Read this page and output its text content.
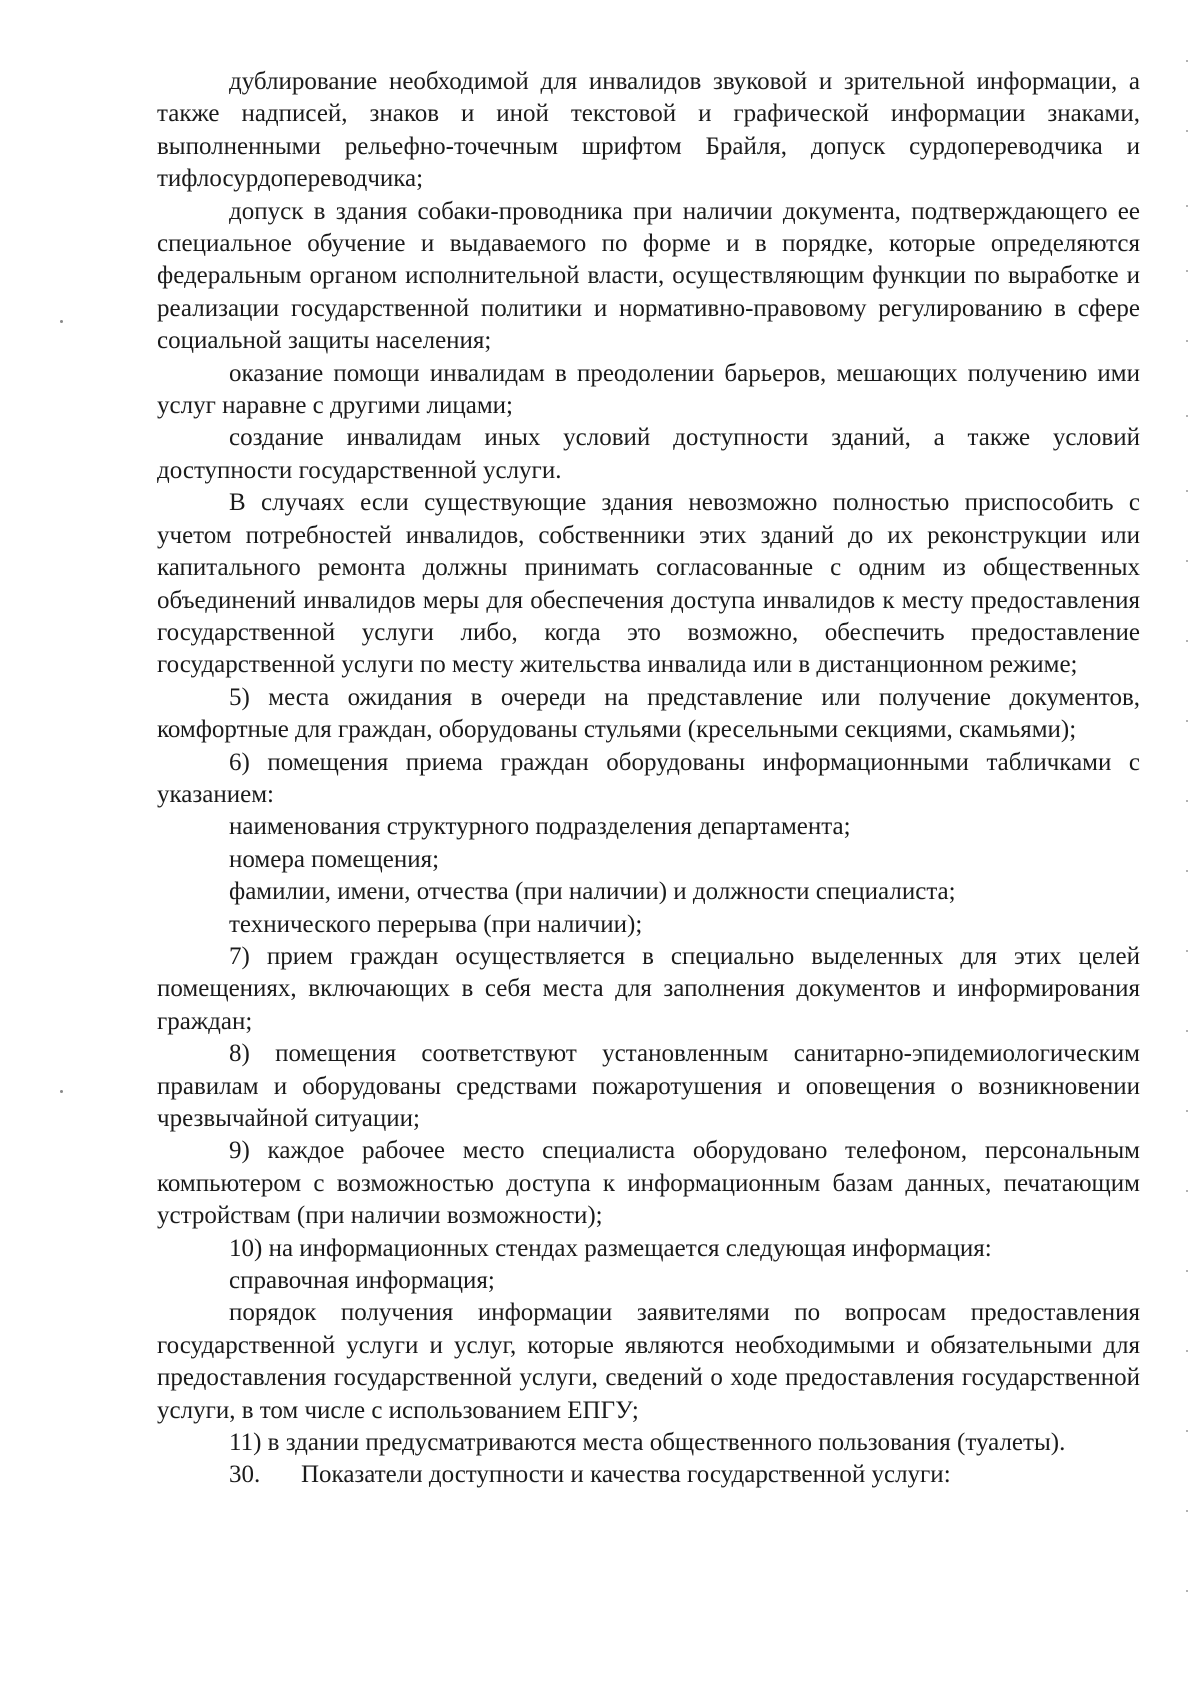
дублирование необходимой для инвалидов звуковой и зрительной информации, а также надписей, знаков и иной текстовой и графической информации знаками, выполненными рельефно-точечным шрифтом Брайля, допуск сурдопереводчика и тифлосурдопереводчика;

допуск в здания собаки-проводника при наличии документа, подтверждающего ее специальное обучение и выдаваемого по форме и в порядке, которые определяются федеральным органом исполнительной власти, осуществляющим функции по выработке и реализации государственной политики и нормативно-правовому регулированию в сфере социальной защиты населения;

оказание помощи инвалидам в преодолении барьеров, мешающих получению ими услуг наравне с другими лицами;

создание инвалидам иных условий доступности зданий, а также условий доступности государственной услуги.

В случаях если существующие здания невозможно полностью приспособить с учетом потребностей инвалидов, собственники этих зданий до их реконструкции или капитального ремонта должны принимать согласованные с одним из общественных объединений инвалидов меры для обеспечения доступа инвалидов к месту предоставления государственной услуги либо, когда это возможно, обеспечить предоставление государственной услуги по месту жительства инвалида или в дистанционном режиме;

5) места ожидания в очереди на представление или получение документов, комфортные для граждан, оборудованы стульями (кресельными секциями, скамьями);

6) помещения приема граждан оборудованы информационными табличками с указанием:

наименования структурного подразделения департамента;

номера помещения;

фамилии, имени, отчества (при наличии) и должности специалиста;

технического перерыва (при наличии);

7) прием граждан осуществляется в специально выделенных для этих целей помещениях, включающих в себя места для заполнения документов и информирования граждан;

8) помещения соответствуют установленным санитарно-эпидемиологическим правилам и оборудованы средствами пожаротушения и оповещения о возникновении чрезвычайной ситуации;

9) каждое рабочее место специалиста оборудовано телефоном, персональным компьютером с возможностью доступа к информационным базам данных, печатающим устройствам (при наличии возможности);

10) на информационных стендах размещается следующая информация:

справочная информация;

порядок получения информации заявителями по вопросам предоставления государственной услуги и услуг, которые являются необходимыми и обязательными для предоставления государственной услуги, сведений о ходе предоставления государственной услуги, в том числе с использованием ЕПГУ;

11) в здании предусматриваются места общественного пользования (туалеты).

30. Показатели доступности и качества государственной услуги:
